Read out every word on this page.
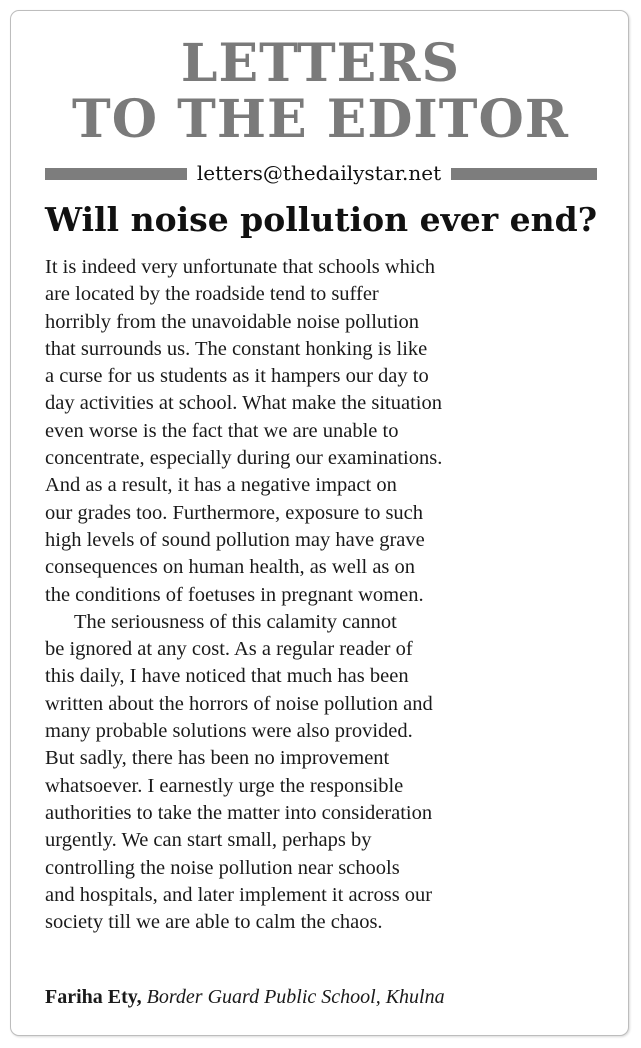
LETTERS
TO THE EDITOR
letters@thedailystar.net
Will noise pollution ever end?
It is indeed very unfortunate that schools which
are located by the roadside tend to suffer
horribly from the unavoidable noise pollution
that surrounds us. The constant honking is like
a curse for us students as it hampers our day to
day activities at school. What make the situation
even worse is the fact that we are unable to
concentrate, especially during our examinations.
And as a result, it has a negative impact on
our grades too. Furthermore, exposure to such
high levels of sound pollution may have grave
consequences on human health, as well as on
the conditions of foetuses in pregnant women.
The seriousness of this calamity cannot
be ignored at any cost. As a regular reader of
this daily, I have noticed that much has been
written about the horrors of noise pollution and
many probable solutions were also provided.
But sadly, there has been no improvement
whatsoever. I earnestly urge the responsible
authorities to take the matter into consideration
urgently. We can start small, perhaps by
controlling the noise pollution near schools
and hospitals, and later implement it across our
society till we are able to calm the chaos.
Fariha Ety, Border Guard Public School, Khulna
